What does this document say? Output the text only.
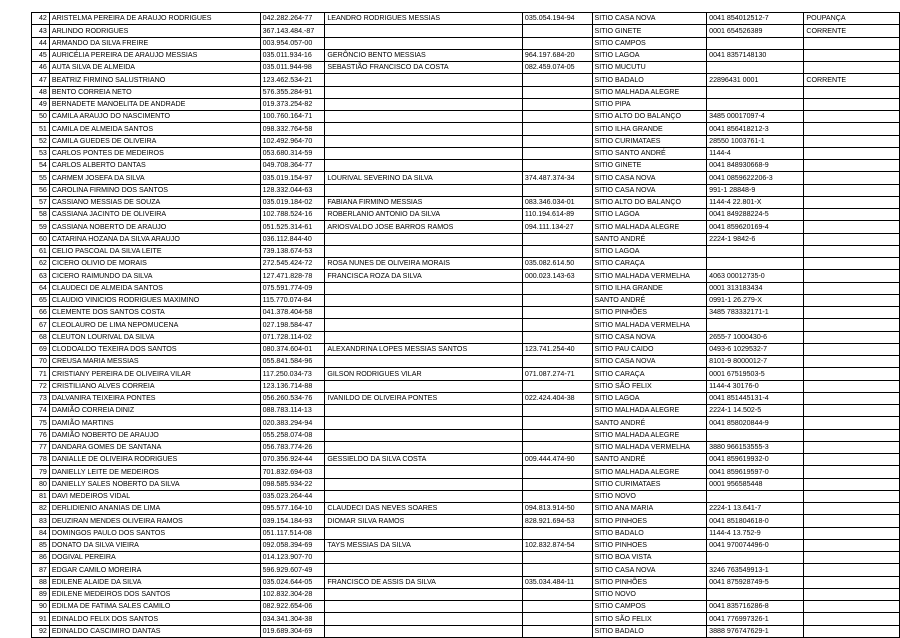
42	ARISTELMA PEREIRA DE ARAUJO RODRIGUES	042.282.264-77	LEANDRO RODRIGUES MESSIAS	035.054.194-94	SITIO CASA NOVA	0041 854012512-7	POUPANÇA
43	ARLINDO RODRIGUES	367.143.484.-87			SITIO GINETE	0001 654526389	CORRENTE
44	ARMANDO DA SILVA FREIRE	003.954.057-00			SITIO CAMPOS		
45	AURICÉLIA PEREIRA DE ARAUJO MESSIAS	035.011.934-16	GERÔNCIO BENTO MESSIAS	964.197.684-20	SITIO LAGOA	0041 8357148130	
46	AUTA SILVA DE ALMEIDA	035.011.944-98	SEBASTIÃO FRANCISCO DA COSTA	082.459.074-05	SITIO MUCUTU		
47	BEATRIZ FIRMINO SALUSTRIANO	123.462.534-21			SITIO BADALO	22896431 0001	CORRENTE
48	BENTO CORREIA NETO	576.355.284-91			SITIO MALHADA ALEGRE		
49	BERNADETE MANOELITA DE ANDRADE	019.373.254-82			SITIO PIPA		
50	CAMILA ARAUJO DO NASCIMENTO	100.760.164-71			SITIO ALTO DO BALANÇO	3485 00017097-4	
51	CAMILA DE ALMEIDA SANTOS	098.332.764-58			SITIO ILHA GRANDE	0041 856418212-3	
52	CAMILA GUEDES DE OLIVEIRA	102.492.964-70			SITIO CURIMATAES	28550 1003761-1	
53	CARLOS PONTES DE MEDEIROS	053.680.314-59			SITIO SANTO ANDRÉ	1144-4	
54	CARLOS ALBERTO DANTAS	049.708.364-77			SITIO GINETE	0041 848930668-9	
55	CARMEM JOSEFA DA SILVA	035.019.154-97	LOURIVAL SEVERINO DA SILVA	374.487.374-34	SITIO CASA NOVA	0041 0859622206-3	
56	CAROLINA FIRMINO DOS SANTOS	128.332.044-63			SITIO CASA NOVA	991-1 28848-9	
57	CASSIANO MESSIAS DE SOUZA	035.019.184-02	FABIANA FIRMINO MESSIAS	083.346.034-01	SITIO ALTO DO BALANÇO	1144-4 22.801-X	
58	CASSIANA JACINTO DE OLIVEIRA	102.788.524-16	ROBERLANIO ANTONIO DA SILVA	110.194.614-89	SITIO LAGOA	0041 849288224-5	
59	CASSIANA NOBERTO DE ARAUJO	051.525.314-61	ARIOSVALDO JOSE BARROS RAMOS	094.111.134-27	SITIO MALHADA ALEGRE	0041 859620169-4	
60	CATARINA HOZANA DA SILVA ARAUJO	036.112.844-40			SANTO ANDRÉ	2224-1 9842-6	
61	CELIO PASCOAL DA SILVA LEITE	739.138.674-53			SITIO LAGOA		
62	CICERO OLIVIO DE MORAIS	272.545.424-72	ROSA NUNES DE OLIVEIRA MORAIS	035.082.614.50	SITIO CARAÇA		
63	CICERO RAIMUNDO DA SILVA	127.471.828-78	FRANCISCA ROZA DA SILVA	000.023.143-63	SITIO MALHADA VERMELHA	4063 00012735-0	
64	CLAUDECI DE ALMEIDA SANTOS	075.591.774-09			SITIO ILHA GRANDE	0001 313183434	
65	CLAUDIO VINICIOS RODRIGUES MAXIMINO	115.770.074-84			SANTO ANDRÉ	0991-1 26.279-X	
66	CLEMENTE DOS SANTOS COSTA	041.378.404-58			SITIO PINHÕES	3485 783332171-1	
67	CLEOLAURO DE LIMA NEPOMUCENA	027.198.584-47			SITIO MALHADA VERMELHA		
68	CLEUTON LOURIVAL DA SILVA	071.728.114-02			SITIO CASA NOVA	2655-7 1000430-6	
69	CLODOALDO TEXEIRA DOS SANTOS	080.374.604-01	ALEXANDRINA LOPES MESSIAS SANTOS	123.741.254-40	SITIO PAU CAIDO	0493-6 1029532-7	
70	CREUSA MARIA MESSIAS	055.841.584-96			SITIO CASA NOVA	8101-9 8000012-7	
71	CRISTIANY PEREIRA DE OLIVEIRA VILAR	117.250.034-73	GILSON RODRIGUES VILAR	071.087.274-71	SITIO CARAÇA	0001 67519503-5	
72	CRISTILIANO ALVES CORREIA	123.136.714-88			SITIO SÃO FELIX	1144-4 30176-0	
73	DALVANIRA TEIXEIRA PONTES	056.260.534-76	IVANILDO DE OLIVEIRA PONTES	022.424.404-38	SITIO LAGOA	0041 851445131-4	
74	DAMIÃO CORREIA DINIZ	088.783.114-13			SITIO MALHADA ALEGRE	2224-1 14.502-5	
75	DAMIÃO MARTINS	020.383.294-94			SANTO ANDRÉ	0041 858020844-9	
76	DAMIÃO NOBERTO DE ARAUJO	055.258.074-08			SITIO MALHADA ALEGRE		
77	DANDARA GOMES DE SANTANA	056.783.774-26			SITIO MALHADA VERMELHA	3880 966153555-3	
78	DANIALLE DE OLIVEIRA RODRIGUES	070.356.924-44	GESSIELDO DA SILVA COSTA	009.444.474-90	SANTO ANDRÉ	0041 859619932-0	
79	DANIELLY LEITE DE MEDEIROS	701.832.694-03			SITIO MALHADA ALEGRE	0041 859619597-0	
80	DANIELLY SALES NOBERTO DA SILVA	098.585.934-22			SITIO CURIMATAES	0001 956585448	
81	DAVI MEDEIROS VIDAL	035.023.264-44			SITIO NOVO		
82	DERLIDIENIO ANANIAS DE LIMA	095.577.164-10	CLAUDECI DAS NEVES SOARES	094.813.914-50	SITIO ANA MARIA	2224-1 13.641-7	
83	DEUZIRAN MENDES OLIVEIRA RAMOS	039.154.184-93	DIOMAR SILVA RAMOS	828.921.694-53	SITIO PINHOES	0041 851804618-0	
84	DOMINGOS PAULO DOS SANTOS	051.117.514-08			SITIO BADALO	1144-4 13.752-9	
85	DONATO DA SILVA VIEIRA	092.058.394-69	TAYS MESSIAS DA SILVA	102.832.874-54	SITIO PINHOES	0041 970074496-0	
86	DOGIVAL PEREIRA	014.123.907-70			SITIO BOA VISTA		
87	EDGAR CAMILO MOREIRA	596.929.607-49			SITIO CASA NOVA	3246 763549913-1	
88	EDILENE ALAIDE DA SILVA	035.024.644-05	FRANCISCO DE ASSIS DA SILVA	035.034.484-11	SITIO PINHÕES	0041 875928749-5	
89	EDILENE MEDEIROS DOS SANTOS	102.832.304-28			SITIO NOVO		
90	EDILMA DE FATIMA SALES CAMILO	082.922.654-06			SITIO CAMPOS	0041 835716286-8	
91	EDINALDO FELIX DOS SANTOS	034.341.304-38			SITIO SÃO FELIX	0041 776997326-1	
92	EDINALDO CASCIMIRO DANTAS	019.689.304-69			SITIO BADALO	3888 976747629-1	
